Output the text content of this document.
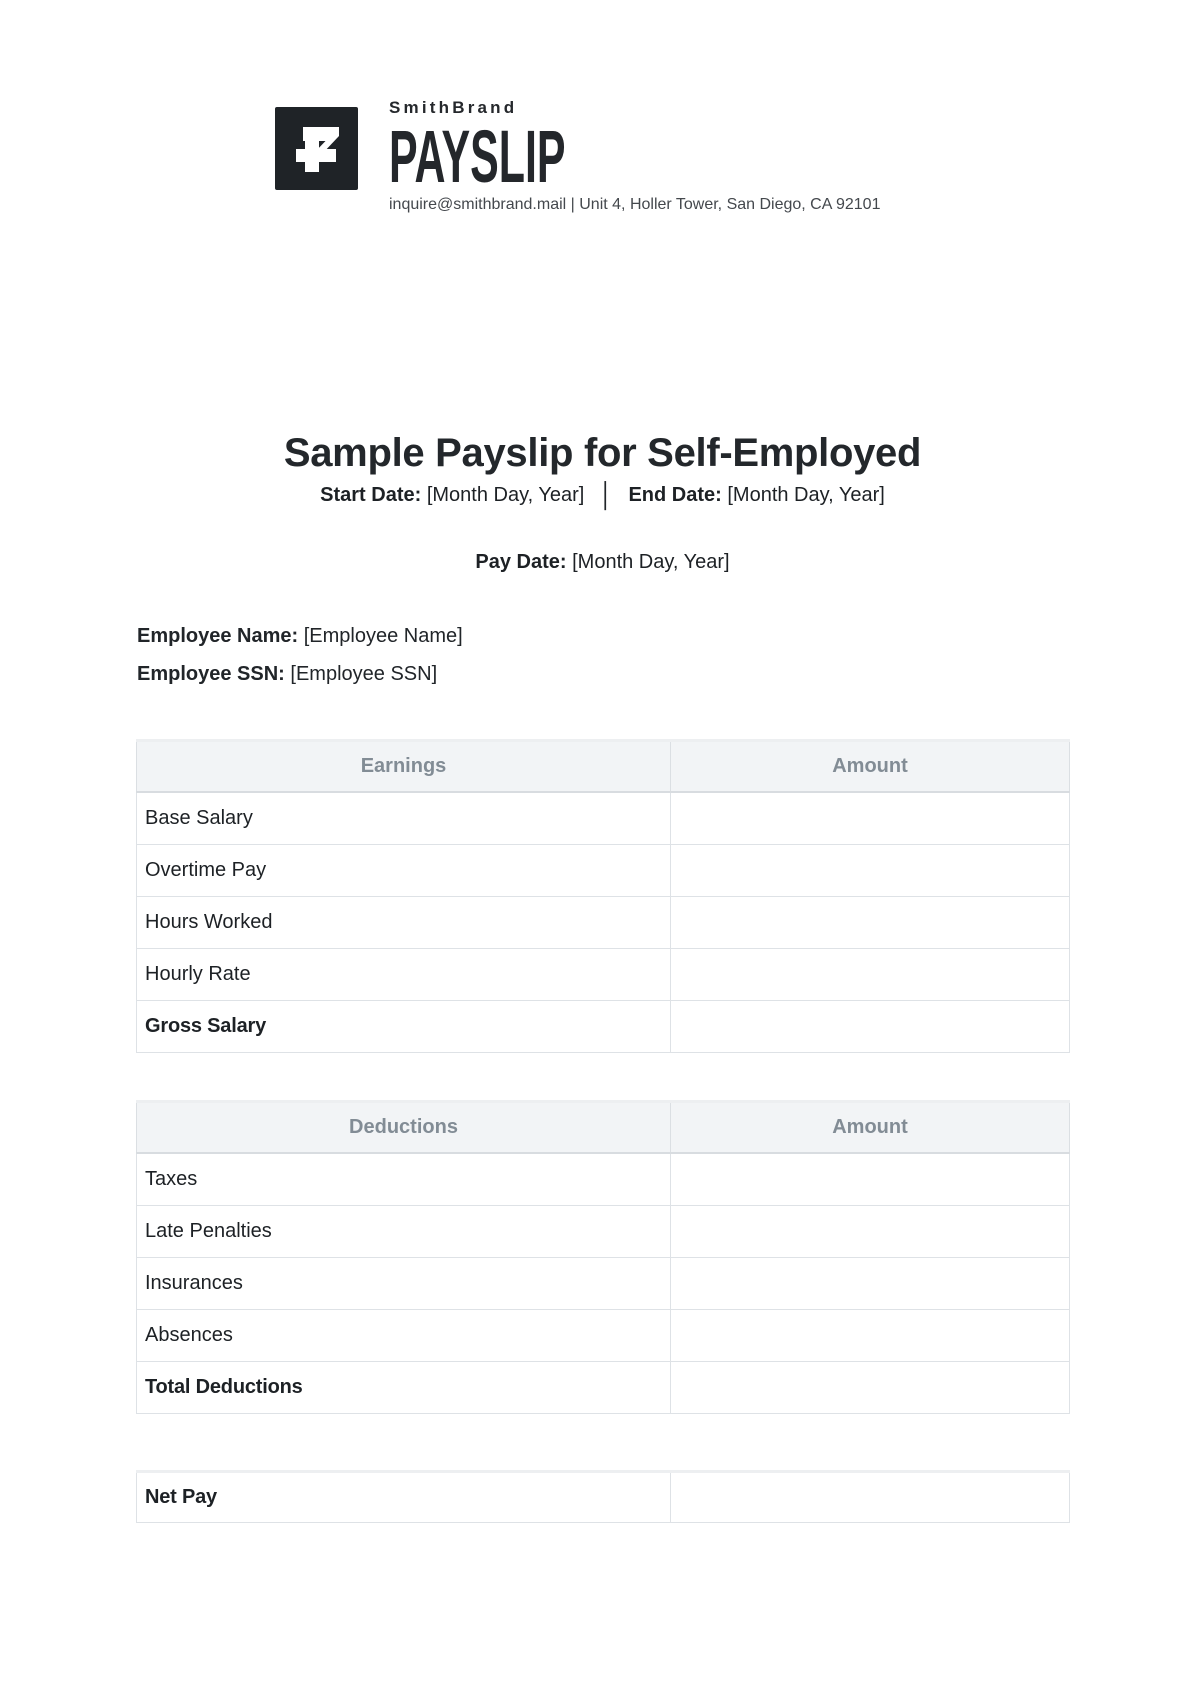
SmithBrand
PAYSLIP
inquire@smithbrand.mail | Unit 4, Holler Tower, San Diego, CA 92101
Sample Payslip for Self-Employed
Start Date: [Month Day, Year] │ End Date: [Month Day, Year]
Pay Date: [Month Day, Year]
Employee Name: [Employee Name]
Employee SSN: [Employee SSN]
Earnings	Amount
Base Salary	
Overtime Pay	
Hours Worked	
Hourly Rate	
Gross Salary	
Deductions	Amount
Taxes	
Late Penalties	
Insurances	
Absences	
Total Deductions	
Net Pay	
